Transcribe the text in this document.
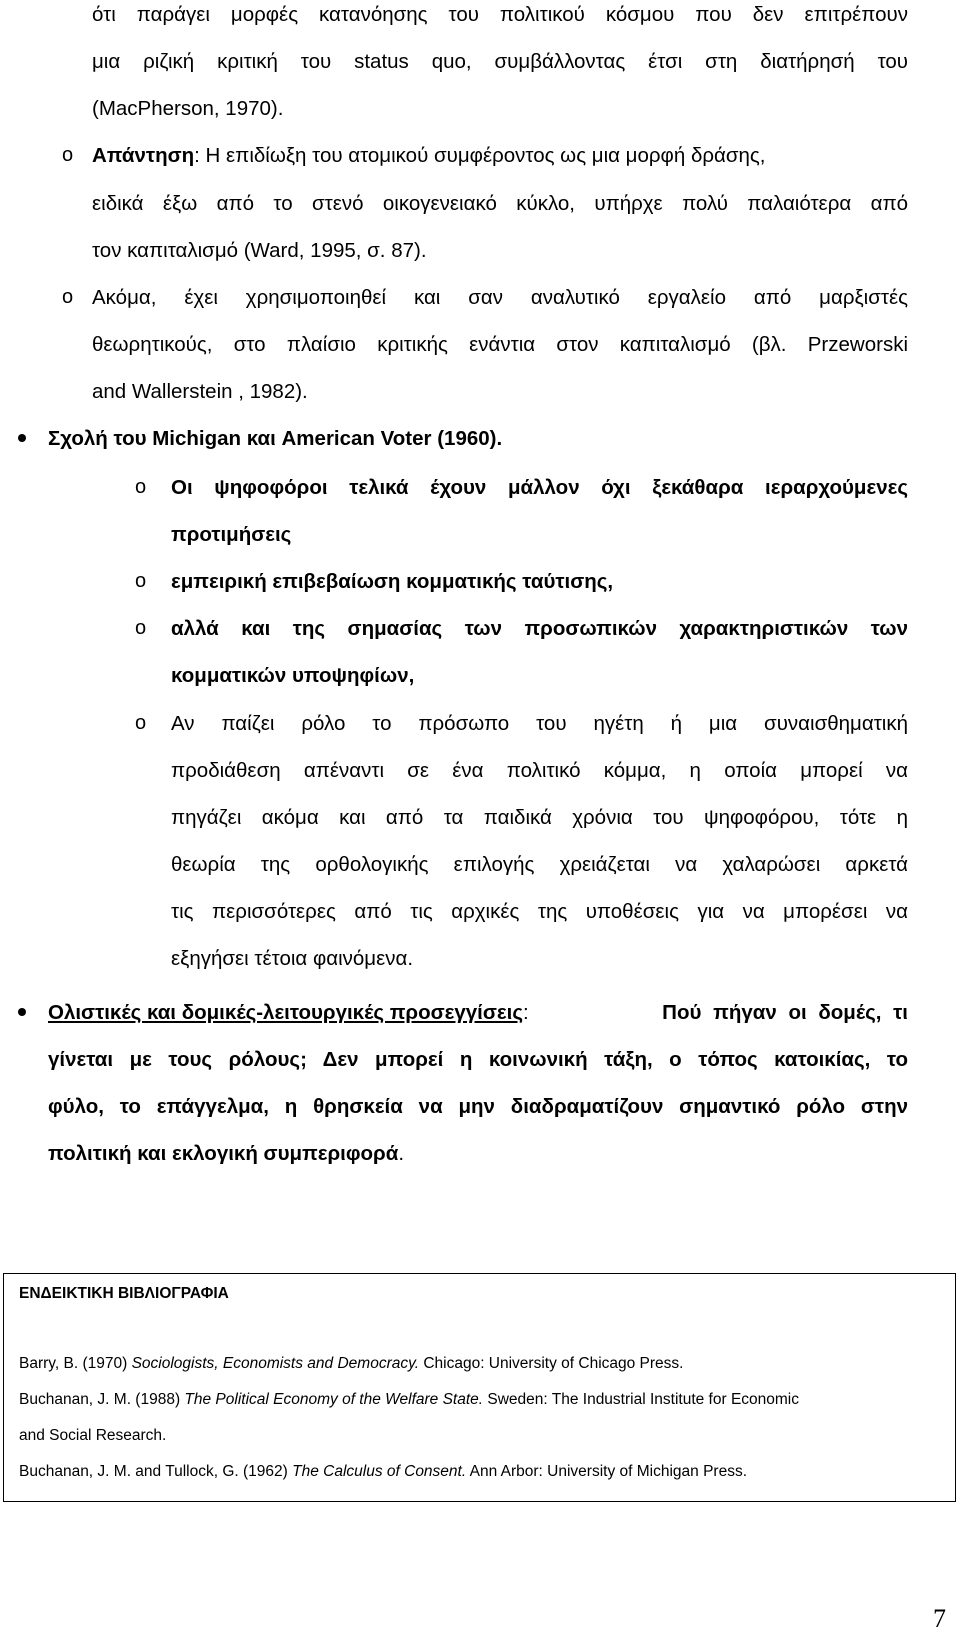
ότι παράγει μορφές κατανόησης του πολιτικού κόσμου που δεν επιτρέπουν
μια ριζική κριτική του status quo, συμβάλλοντας έτσι στη διατήρησή του
(MacPherson, 1970).
o Απάντηση: Η επιδίωξη του ατομικού συμφέροντος ως μια μορφή δράσης,
ειδικά έξω από το στενό οικογενειακό κύκλο, υπήρχε πολύ παλαιότερα από
τον καπιταλισμό (Ward, 1995, σ. 87).
o Ακόμα, έχει χρησιμοποιηθεί και σαν αναλυτικό εργαλείο από μαρξιστές
θεωρητικούς, στο πλαίσιο κριτικής ενάντια στον καπιταλισμό (βλ. Przeworski
and Wallerstein , 1982).
Σχολή του Michigan και American Voter (1960).
o Οι ψηφοφόροι τελικά έχουν μάλλον όχι ξεκάθαρα ιεραρχούμενες
προτιμήσεις
o εμπειρική επιβεβαίωση κομματικής ταύτισης,
o αλλά και της σημασίας των προσωπικών χαρακτηριστικών των
κομματικών υποψηφίων,
o Αν παίζει ρόλο το πρόσωπο του ηγέτη ή μια συναισθηματική
προδιάθεση απέναντι σε ένα πολιτικό κόμμα, η οποία μπορεί να
πηγάζει ακόμα και από τα παιδικά χρόνια του ψηφοφόρου, τότε η
θεωρία της ορθολογικής επιλογής χρειάζεται να χαλαρώσει αρκετά
τις περισσότερες από τις αρχικές της υποθέσεις για να μπορέσει να
εξηγήσει τέτοια φαινόμενα.
Ολιστικές και δομικές-λειτουργικές προσεγγίσεις:	Πού πήγαν οι δομές, τι
γίνεται με τους ρόλους; Δεν μπορεί η κοινωνική τάξη, ο τόπος κατοικίας, το
φύλο, το επάγγελμα, η θρησκεία να μην διαδραματίζουν σημαντικό ρόλο στην
πολιτική και εκλογική συμπεριφορά.
ΕΝΔΕΙΚΤΙΚΗ ΒΙΒΛΙΟΓΡΑΦΙΑ
Barry, B. (1970) Sociologists, Economists and Democracy. Chicago: University of Chicago Press.
Buchanan, J. M. (1988) The Political Economy of the Welfare State. Sweden: The Industrial Institute for Economic
and Social Research.
Buchanan, J. M. and Tullock, G. (1962) The Calculus of Consent. Ann Arbor: University of Michigan Press.
7
